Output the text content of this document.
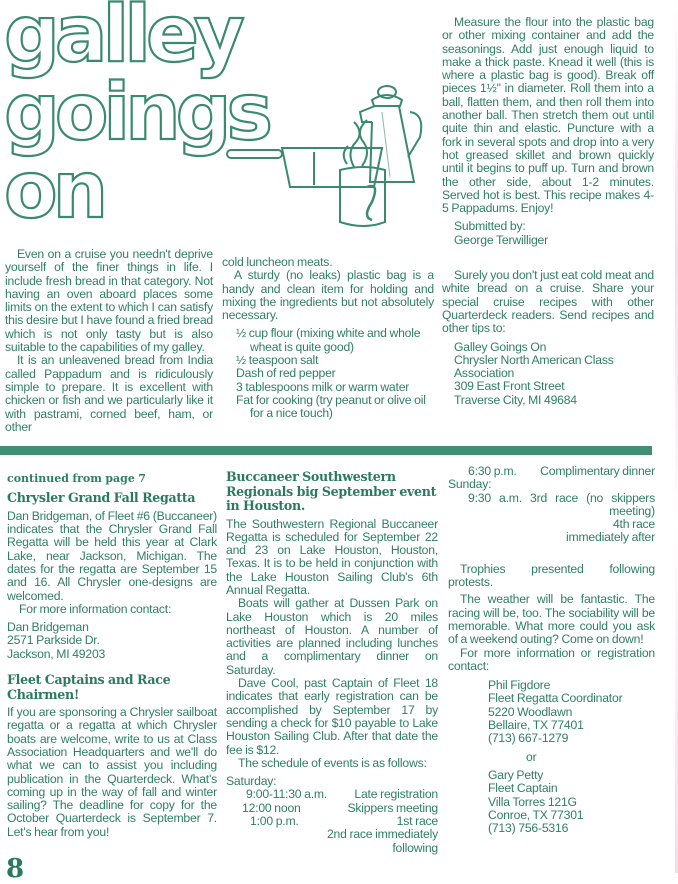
galley
goings
on

Even on a cruise you needn't deprive yourself of the finer things in life. I include fresh bread in that category. Not having an oven aboard places some limits on the extent to which I can satisfy this desire but I have found a fried bread which is not only tasty but is also suitable to the capabilities of my galley.

It is an unleavened bread from India called Pappadum and is ridiculously simple to prepare. It is excellent with chicken or fish and we particularly like it with pastrami, corned beef, ham, or other

cold luncheon meats.

A sturdy (no leaks) plastic bag is a handy and clean item for holding and mixing the ingredients but not absolutely necessary.

½ cup flour (mixing white and whole wheat is quite good)
½ teaspoon salt
Dash of red pepper
3 tablespoons milk or warm water
Fat for cooking (try peanut or olive oil for a nice touch)

Measure the flour into the plastic bag or other mixing container and add the seasonings. Add just enough liquid to make a thick paste. Knead it well (this is where a plastic bag is good). Break off pieces 1½" in diameter. Roll them into a ball, flatten them, and then roll them into another ball. Then stretch them out until quite thin and elastic. Puncture with a fork in several spots and drop into a very hot greased skillet and brown quickly until it begins to puff up. Turn and brown the other side, about 1-2 minutes. Served hot is best. This recipe makes 4-5 Pappadums. Enjoy!

Submitted by:
George Terwilliger

Surely you don't just eat cold meat and white bread on a cruise. Share your special cruise recipes with other Quarterdeck readers. Send recipes and other tips to:

Galley Goings On
Chrysler North American Class
Association
309 East Front Street
Traverse City, MI 49684
continued from page 7
Chrysler Grand Fall Regatta

Dan Bridgeman, of Fleet #6 (Buccaneer) indicates that the Chrysler Grand Fall Regatta will be held this year at Clark Lake, near Jackson, Michigan. The dates for the regatta are September 15 and 16. All Chrysler one-designs are welcomed.

For more information contact:

Dan Bridgeman
2571 Parkside Dr.
Jackson, MI 49203
Fleet Captains and Race Chairmen!

If you are sponsoring a Chrysler sailboat regatta or a regatta at which Chrysler boats are welcome, write to us at Class Association Headquarters and we'll do what we can to assist you including publication in the Quarterdeck. What's coming up in the way of fall and winter sailing? The deadline for copy for the October Quarterdeck is September 7. Let's hear from you!

Buccaneer Southwestern Regionals big September event in Houston.

The Southwestern Regional Buccaneer Regatta is scheduled for September 22 and 23 on Lake Houston, Houston, Texas. It is to be held in conjunction with the Lake Houston Sailing Club's 6th Annual Regatta.

Boats will gather at Dussen Park on Lake Houston which is 20 miles northeast of Houston. A number of activities are planned including lunches and a complimentary dinner on Saturday.

Dave Cool, past Captain of Fleet 18 indicates that early registration can be accomplished by September 17 by sending a check for $10 payable to Lake Houston Sailing Club. After that date the fee is $12.

The schedule of events is as follows:

Saturday:
9:00-11:30 a.m. Late registration
12:00 noon	Skippers meeting
1:00 p.m.	1st race
2nd race immediately following
6:30 p.m. Complimentary dinner
Sunday:
9:30 a.m. 3rd race (no skippers meeting)
4th race immediately after

Trophies presented following protests.

The weather will be fantastic. The racing will be, too. The sociability will be memorable. What more could you ask of a weekend outing? Come on down!

For more information or registration contact:

Phil Figdore
Fleet Regatta Coordinator
5220 Woodlawn
Bellaire, TX 77401
(713) 667-1279
or
Gary Petty
Fleet Captain
Villa Torres 121G
Conroe, TX 77301
(713) 756-5316
8
